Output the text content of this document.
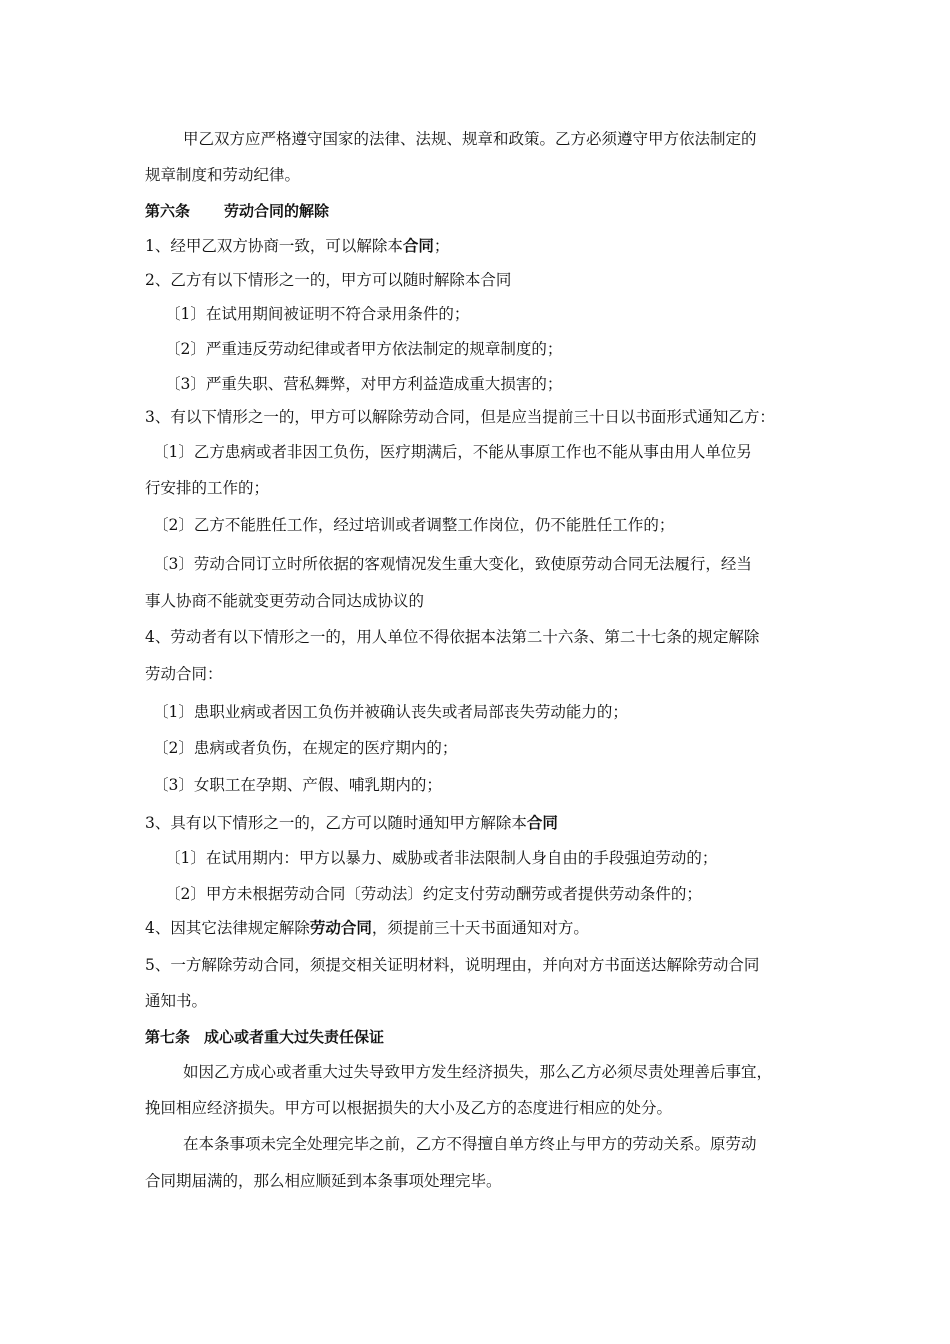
甲乙双方应严格遵守国家的法律、法规、规章和政策。乙方必须遵守甲方依法制定的
规章制度和劳动纪律。
第六条 劳动合同的解除
1、经甲乙双方协商一致，可以解除本合同；
2、乙方有以下情形之一的，甲方可以随时解除本合同
〔1〕在试用期间被证明不符合录用条件的；
〔2〕严重违反劳动纪律或者甲方依法制定的规章制度的；
〔3〕严重失职、营私舞弊，对甲方利益造成重大损害的；
3、有以下情形之一的，甲方可以解除劳动合同，但是应当提前三十日以书面形式通知乙方：
〔1〕乙方患病或者非因工负伤，医疗期满后，不能从事原工作也不能从事由用人单位另
行安排的工作的；
〔2〕乙方不能胜任工作，经过培训或者调整工作岗位，仍不能胜任工作的；
〔3〕劳动合同订立时所依据的客观情况发生重大变化，致使原劳动合同无法履行，经当
事人协商不能就变更劳动合同达成协议的
4、劳动者有以下情形之一的，用人单位不得依据本法第二十六条、第二十七条的规定解除
劳动合同：
〔1〕患职业病或者因工负伤并被确认丧失或者局部丧失劳动能力的；
〔2〕患病或者负伤，在规定的医疗期内的；
〔3〕女职工在孕期、产假、哺乳期内的；
3、具有以下情形之一的，乙方可以随时通知甲方解除本合同
〔1〕在试用期内：甲方以暴力、威胁或者非法限制人身自由的手段强迫劳动的；
〔2〕甲方未根据劳动合同〔劳动法〕约定支付劳动酬劳或者提供劳动条件的；
4、因其它法律规定解除劳动合同，须提前三十天书面通知对方。
5、一方解除劳动合同，须提交相关证明材料，说明理由，并向对方书面送达解除劳动合同
通知书。
第七条 成心或者重大过失责任保证
如因乙方成心或者重大过失导致甲方发生经济损失，那么乙方必须尽责处理善后事宜，
挽回相应经济损失。甲方可以根据损失的大小及乙方的态度进行相应的处分。
在本条事项未完全处理完毕之前，乙方不得擅自单方终止与甲方的劳动关系。原劳动
合同期届满的，那么相应顺延到本条事项处理完毕。
